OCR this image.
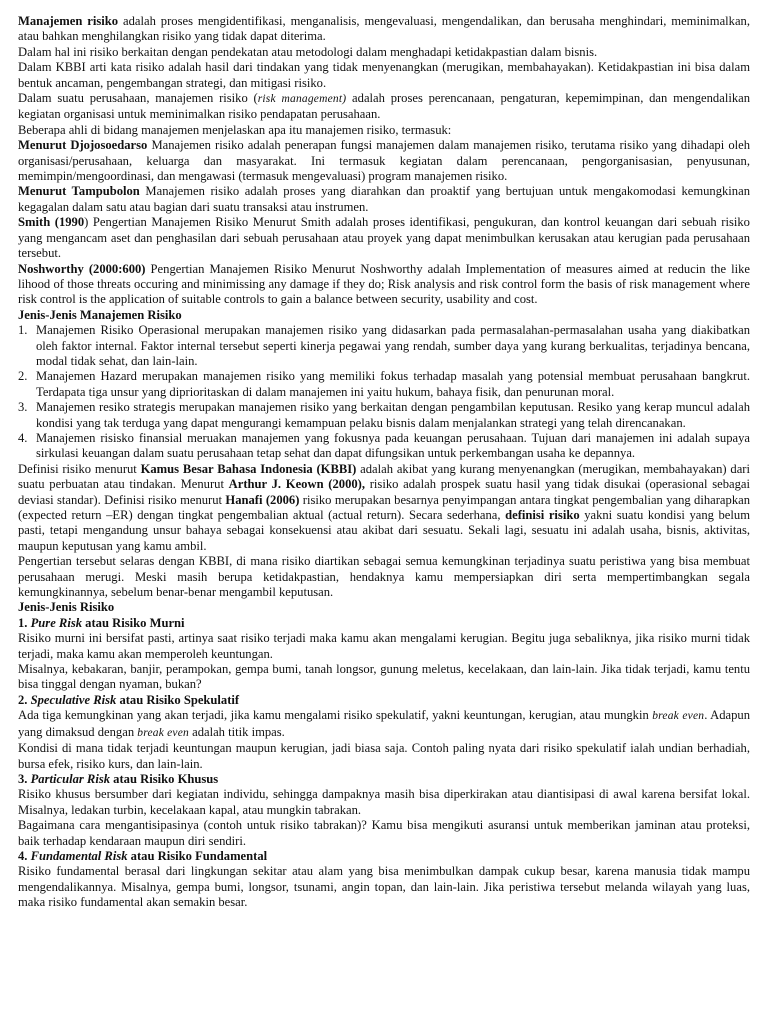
Manajemen risiko adalah proses mengidentifikasi, menganalisis, mengevaluasi, mengendalikan, dan berusaha menghindari, meminimalkan, atau bahkan menghilangkan risiko yang tidak dapat diterima.

Dalam hal ini risiko berkaitan dengan pendekatan atau metodologi dalam menghadapi ketidakpastian dalam bisnis.

Dalam KBBI arti kata risiko adalah hasil dari tindakan yang tidak menyenangkan (merugikan, membahayakan). Ketidakpastian ini bisa dalam bentuk ancaman, pengembangan strategi, dan mitigasi risiko.

Dalam suatu perusahaan, manajemen risiko (risk management) adalah proses perencanaan, pengaturan, kepemimpinan, dan mengendalikan kegiatan organisasi untuk meminimalkan risiko pendapatan perusahaan.

Beberapa ahli di bidang manajemen menjelaskan apa itu manajemen risiko, termasuk:

Menurut Djojosoedarso Manajemen risiko adalah penerapan fungsi manajemen dalam manajemen risiko, terutama risiko yang dihadapi oleh organisasi/perusahaan, keluarga dan masyarakat. Ini termasuk kegiatan dalam perencanaan, pengorganisasian, penyusunan, memimpin/mengoordinasi, dan mengawasi (termasuk mengevaluasi) program manajemen risiko.

Menurut Tampubolon Manajemen risiko adalah proses yang diarahkan dan proaktif yang bertujuan untuk mengakomodasi kemungkinan kegagalan dalam satu atau bagian dari suatu transaksi atau instrumen.

Smith (1990) Pengertian Manajemen Risiko Menurut Smith adalah proses identifikasi, pengukuran, dan kontrol keuangan dari sebuah risiko yang mengancam aset dan penghasilan dari sebuah perusahaan atau proyek yang dapat menimbulkan kerusakan atau kerugian pada perusahaan tersebut.

Noshworthy (2000:600) Pengertian Manajemen Risiko Menurut Noshworthy adalah Implementation of measures aimed at reducin the like lihood of those threats occuring and minimissing any damage if they do; Risk analysis and risk control form the basis of risk management where risk control is the application of suitable controls to gain a balance between security, usability and cost.

Jenis-Jenis Manajemen Risiko

1. Manajemen Risiko Operasional merupakan manajemen risiko yang didasarkan pada permasalahan-permasalahan usaha yang diakibatkan oleh faktor internal. Faktor internal tersebut seperti kinerja pegawai yang rendah, sumber daya yang kurang berkualitas, terjadinya bencana, modal tidak sehat, dan lain-lain.
2. Manajemen Hazard merupakan manajemen risiko yang memiliki fokus terhadap masalah yang potensial membuat perusahaan bangkrut. Terdapata tiga unsur yang diprioritaskan di dalam manajemen ini yaitu hukum, bahaya fisik, dan penurunan moral.
3. Manajemen resiko strategis merupakan manajemen risiko yang berkaitan dengan pengambilan keputusan. Resiko yang kerap muncul adalah kondisi yang tak terduga yang dapat mengurangi kemampuan pelaku bisnis dalam menjalankan strategi yang telah direncanakan.
4. Manajemen risisko finansial meruakan manajemen yang fokusnya pada keuangan perusahaan. Tujuan dari manajemen ini adalah supaya sirkulasi keuangan dalam suatu perusahaan tetap sehat dan dapat difungsikan untuk perkembangan usaha ke depannya.

Definisi risiko menurut Kamus Besar Bahasa Indonesia (KBBI) adalah akibat yang kurang menyenangkan (merugikan, membahayakan) dari suatu perbuatan atau tindakan. Menurut Arthur J. Keown (2000), risiko adalah prospek suatu hasil yang tidak disukai (operasional sebagai deviasi standar). Definisi risiko menurut Hanafi (2006) risiko merupakan besarnya penyimpangan antara tingkat pengembalian yang diharapkan (expected return –ER) dengan tingkat pengembalian aktual (actual return). Secara sederhana, definisi risiko yakni suatu kondisi yang belum pasti, tetapi mengandung unsur bahaya sebagai konsekuensi atau akibat dari sesuatu. Sekali lagi, sesuatu ini adalah usaha, bisnis, aktivitas, maupun keputusan yang kamu ambil.

Pengertian tersebut selaras dengan KBBI, di mana risiko diartikan sebagai semua kemungkinan terjadinya suatu peristiwa yang bisa membuat perusahaan merugi. Meski masih berupa ketidakpastian, hendaknya kamu mempersiapkan diri serta mempertimbangkan segala kemungkinannya, sebelum benar-benar mengambil keputusan.

Jenis-Jenis Risiko

1. Pure Risk atau Risiko Murni

Risiko murni ini bersifat pasti, artinya saat risiko terjadi maka kamu akan mengalami kerugian. Begitu juga sebaliknya, jika risiko murni tidak terjadi, maka kamu akan memperoleh keuntungan.

Misalnya, kebakaran, banjir, perampokan, gempa bumi, tanah longsor, gunung meletus, kecelakaan, dan lain-lain. Jika tidak terjadi, kamu tentu bisa tinggal dengan nyaman, bukan?

2. Speculative Risk atau Risiko Spekulatif

Ada tiga kemungkinan yang akan terjadi, jika kamu mengalami risiko spekulatif, yakni keuntungan, kerugian, atau mungkin break even. Adapun yang dimaksud dengan break even adalah titik impas.

Kondisi di mana tidak terjadi keuntungan maupun kerugian, jadi biasa saja. Contoh paling nyata dari risiko spekulatif ialah undian berhadiah, bursa efek, risiko kurs, dan lain-lain.

3. Particular Risk atau Risiko Khusus

Risiko khusus bersumber dari kegiatan individu, sehingga dampaknya masih bisa diperkirakan atau diantisipasi di awal karena bersifat lokal. Misalnya, ledakan turbin, kecelakaan kapal, atau mungkin tabrakan.

Bagaimana cara mengantisipasinya (contoh untuk risiko tabrakan)? Kamu bisa mengikuti asuransi untuk memberikan jaminan atau proteksi, baik terhadap kendaraan maupun diri sendiri.

4. Fundamental Risk atau Risiko Fundamental

Risiko fundamental berasal dari lingkungan sekitar atau alam yang bisa menimbulkan dampak cukup besar, karena manusia tidak mampu mengendalikannya. Misalnya, gempa bumi, longsor, tsunami, angin topan, dan lain-lain. Jika peristiwa tersebut melanda wilayah yang luas, maka risiko fundamental akan semakin besar.
